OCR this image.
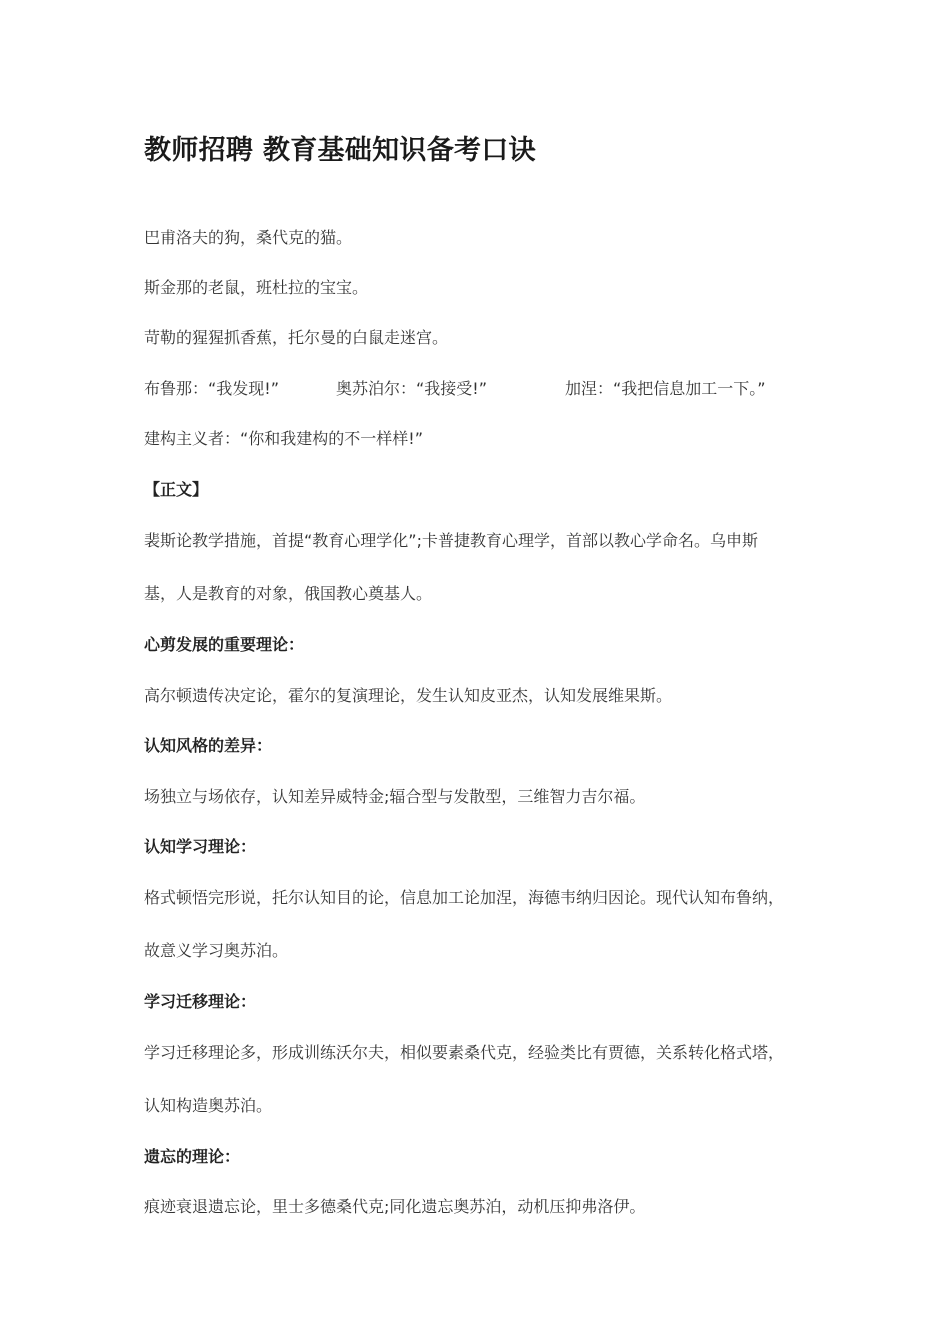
教师招聘 教育基础知识备考口诀
巴甫洛夫的狗，桑代克的猫。
斯金那的老鼠，班杜拉的宝宝。
苛勒的猩猩抓香蕉，托尔曼的白鼠走迷宫。
布鲁那：“我发现!”	奥苏泊尔：“我接受!”	加涅：“我把信息加工一下。”
建构主义者：“你和我建构的不一样样!”
【正文】
裴斯论教学措施，首提“教育心理学化”;卡普捷教育心理学，首部以教心学命名。乌申斯
基，人是教育的对象，俄国教心奠基人。
心剪发展的重要理论：
高尔顿遗传决定论，霍尔的复演理论，发生认知皮亚杰，认知发展维果斯。
认知风格的差异：
场独立与场依存，认知差异威特金;辐合型与发散型，三维智力吉尔福。
认知学习理论：
格式顿悟完形说，托尔认知目的论，信息加工论加涅，海德韦纳归因论。现代认知布鲁纳，
故意义学习奥苏泊。
学习迁移理论：
学习迁移理论多，形成训练沃尔夫，相似要素桑代克，经验类比有贾德，关系转化格式塔，
认知构造奥苏泊。
遗忘的理论：
痕迹衰退遗忘论，里士多德桑代克;同化遗忘奥苏泊，动机压抑弗洛伊。
